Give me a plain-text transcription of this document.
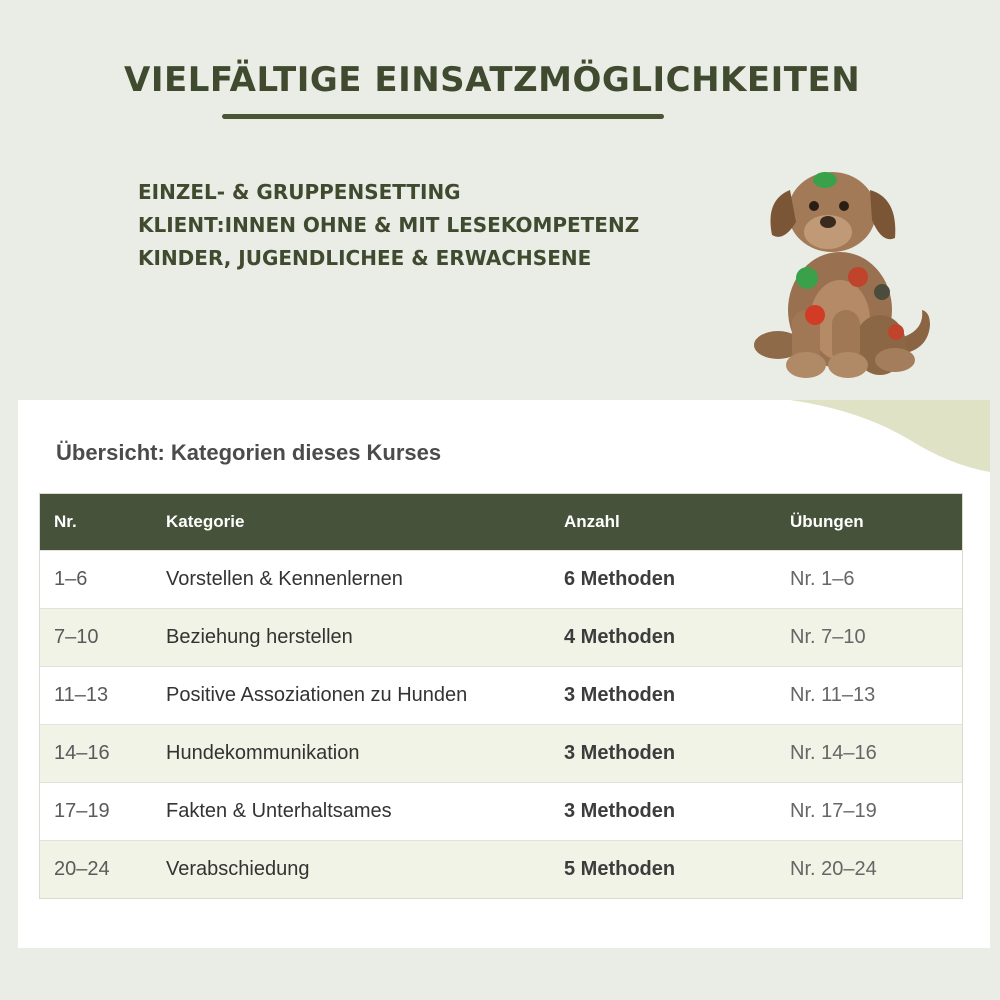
VIELFÄLTIGE EINSATZMÖGLICHKEITEN
EINZEL- & GRUPPENSETTING
KLIENT:INNEN OHNE & MIT LESEKOMPETENZ
KINDER, JUGENDLICHEE & ERWACHSENE
Übersicht: Kategorien dieses Kurses
Nr.	Kategorie	Anzahl	Übungen
1–6	Vorstellen & Kennenlernen	6 Methoden	Nr. 1–6
7–10	Beziehung herstellen	4 Methoden	Nr. 7–10
11–13	Positive Assoziationen zu Hunden	3 Methoden	Nr. 11–13
14–16	Hundekommunikation	3 Methoden	Nr. 14–16
17–19	Fakten & Unterhaltsames	3 Methoden	Nr. 17–19
20–24	Verabschiedung	5 Methoden	Nr. 20–24
